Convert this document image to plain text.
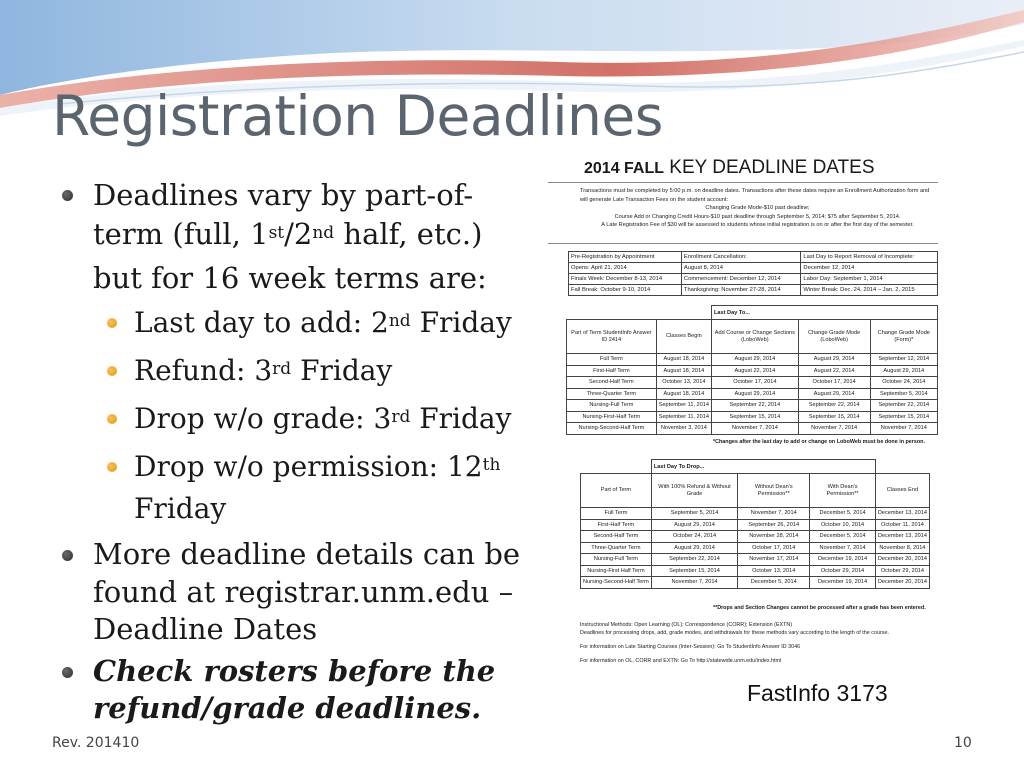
Registration Deadlines
Deadlines vary by part-of-term (full, 1st/2nd half, etc.) but for 16 week terms are:
Last day to add: 2nd Friday
Refund: 3rd Friday
Drop w/o grade: 3rd Friday
Drop w/o permission: 12th Friday
More deadline details can be found at registrar.unm.edu – Deadline Dates
Check rosters before the refund/grade deadlines.
2014 FALL KEY DEADLINE DATES
Transactions must be completed by 5:00 p.m. on deadline dates. Transactions after these dates require an Enrollment Authorization form and will generate Late Transaction Fees on the student account:
Changing Grade Mode-$10 past deadline;
Course Add or Changing Credit Hours-$10 past deadline through September 5, 2014; $75 after September 5, 2014.
A Late Registration Fee of $30 will be assessed to students whose initial registration is on or after the first day of the semester.
Pre-Registration by Appointment	Enrollment Cancellation:	Last Day to Report Removal of Incomplete:
Opens: April 21, 2014	August 8, 2014	December 12, 2014
Finals Week: December 8-13, 2014	Commencement: December 12, 2014	Labor Day: September 1, 2014
Fall Break: October 9-10, 2014	Thanksgiving: November 27-28, 2014	Winter Break: Dec. 24, 2014 – Jan. 2, 2015
		Last Day To...		
Part of Term StudentInfo Answer ID 2414	Classes Begin	Add Course or Change Sections (LoboWeb)	Change Grade Mode (LoboWeb)	Change Grade Mode (Form)*
Full Term	August 18, 2014	August 29, 2014	August 29, 2014	September 12, 2014
First-Half Term	August 18, 2014	August 22, 2014	August 22, 2014	August 29, 2014
Second-Half Term	October 13, 2014	October 17, 2014	October 17, 2014	October 24, 2014
Three-Quarter Term	August 18, 2014	August 29, 2014	August 29, 2014	September 5, 2014
Nursing-Full Term	September 11, 2014	September 22, 2014	September 22, 2014	September 22, 2014
Nursing-First-Half Term	September 11, 2014	September 15, 2014	September 15, 2014	September 15, 2014
Nursing-Second-Half Term	November 3, 2014	November 7, 2014	November 7, 2014	November 7, 2014
*Changes after the last day to add or change on LoboWeb must be done in person.
	Last Day To Drop...			
Part of Term	With 100% Refund & Without Grade	Without Dean's Permission**	With Dean's Permission**	Classes End
Full Term	September 5, 2014	November 7, 2014	December 5, 2014	December 13, 2014
First-Half Term	August 29, 2014	September 26, 2014	October 10, 2014	October 11, 2014
Second-Half Term	October 24, 2014	November 28, 2014	December 5, 2014	December 13, 2014
Three-Quarter Term	August 29, 2014	October 17, 2014	November 7, 2014	November 8, 2014
Nursing-Full Term	September 22, 2014	November 17, 2014	December 19, 2014	December 20, 2014
Nursing-First Half Term	September 15, 2014	October 13, 2014	October 29, 2014	October 29, 2014
Nursing-Second-Half Term	November 7, 2014	December 5, 2014	December 19, 2014	December 20, 2014
**Drops and Section Changes cannot be processed after a grade has been entered.
Instructional Methods: Open Learning (OL); Correspondence (CORR); Extension (EXTN)
Deadlines for processing drops, add, grade modes, and withdrawals for these methods vary according to the length of the course.
For information on Late Starting Courses (Inter-Session): Go To StudentInfo Answer ID 3046
For information on OL, CORR and EXTN: Go To http://statewide.unm.edu/index.html
FastInfo 3173
Rev. 201410	10
